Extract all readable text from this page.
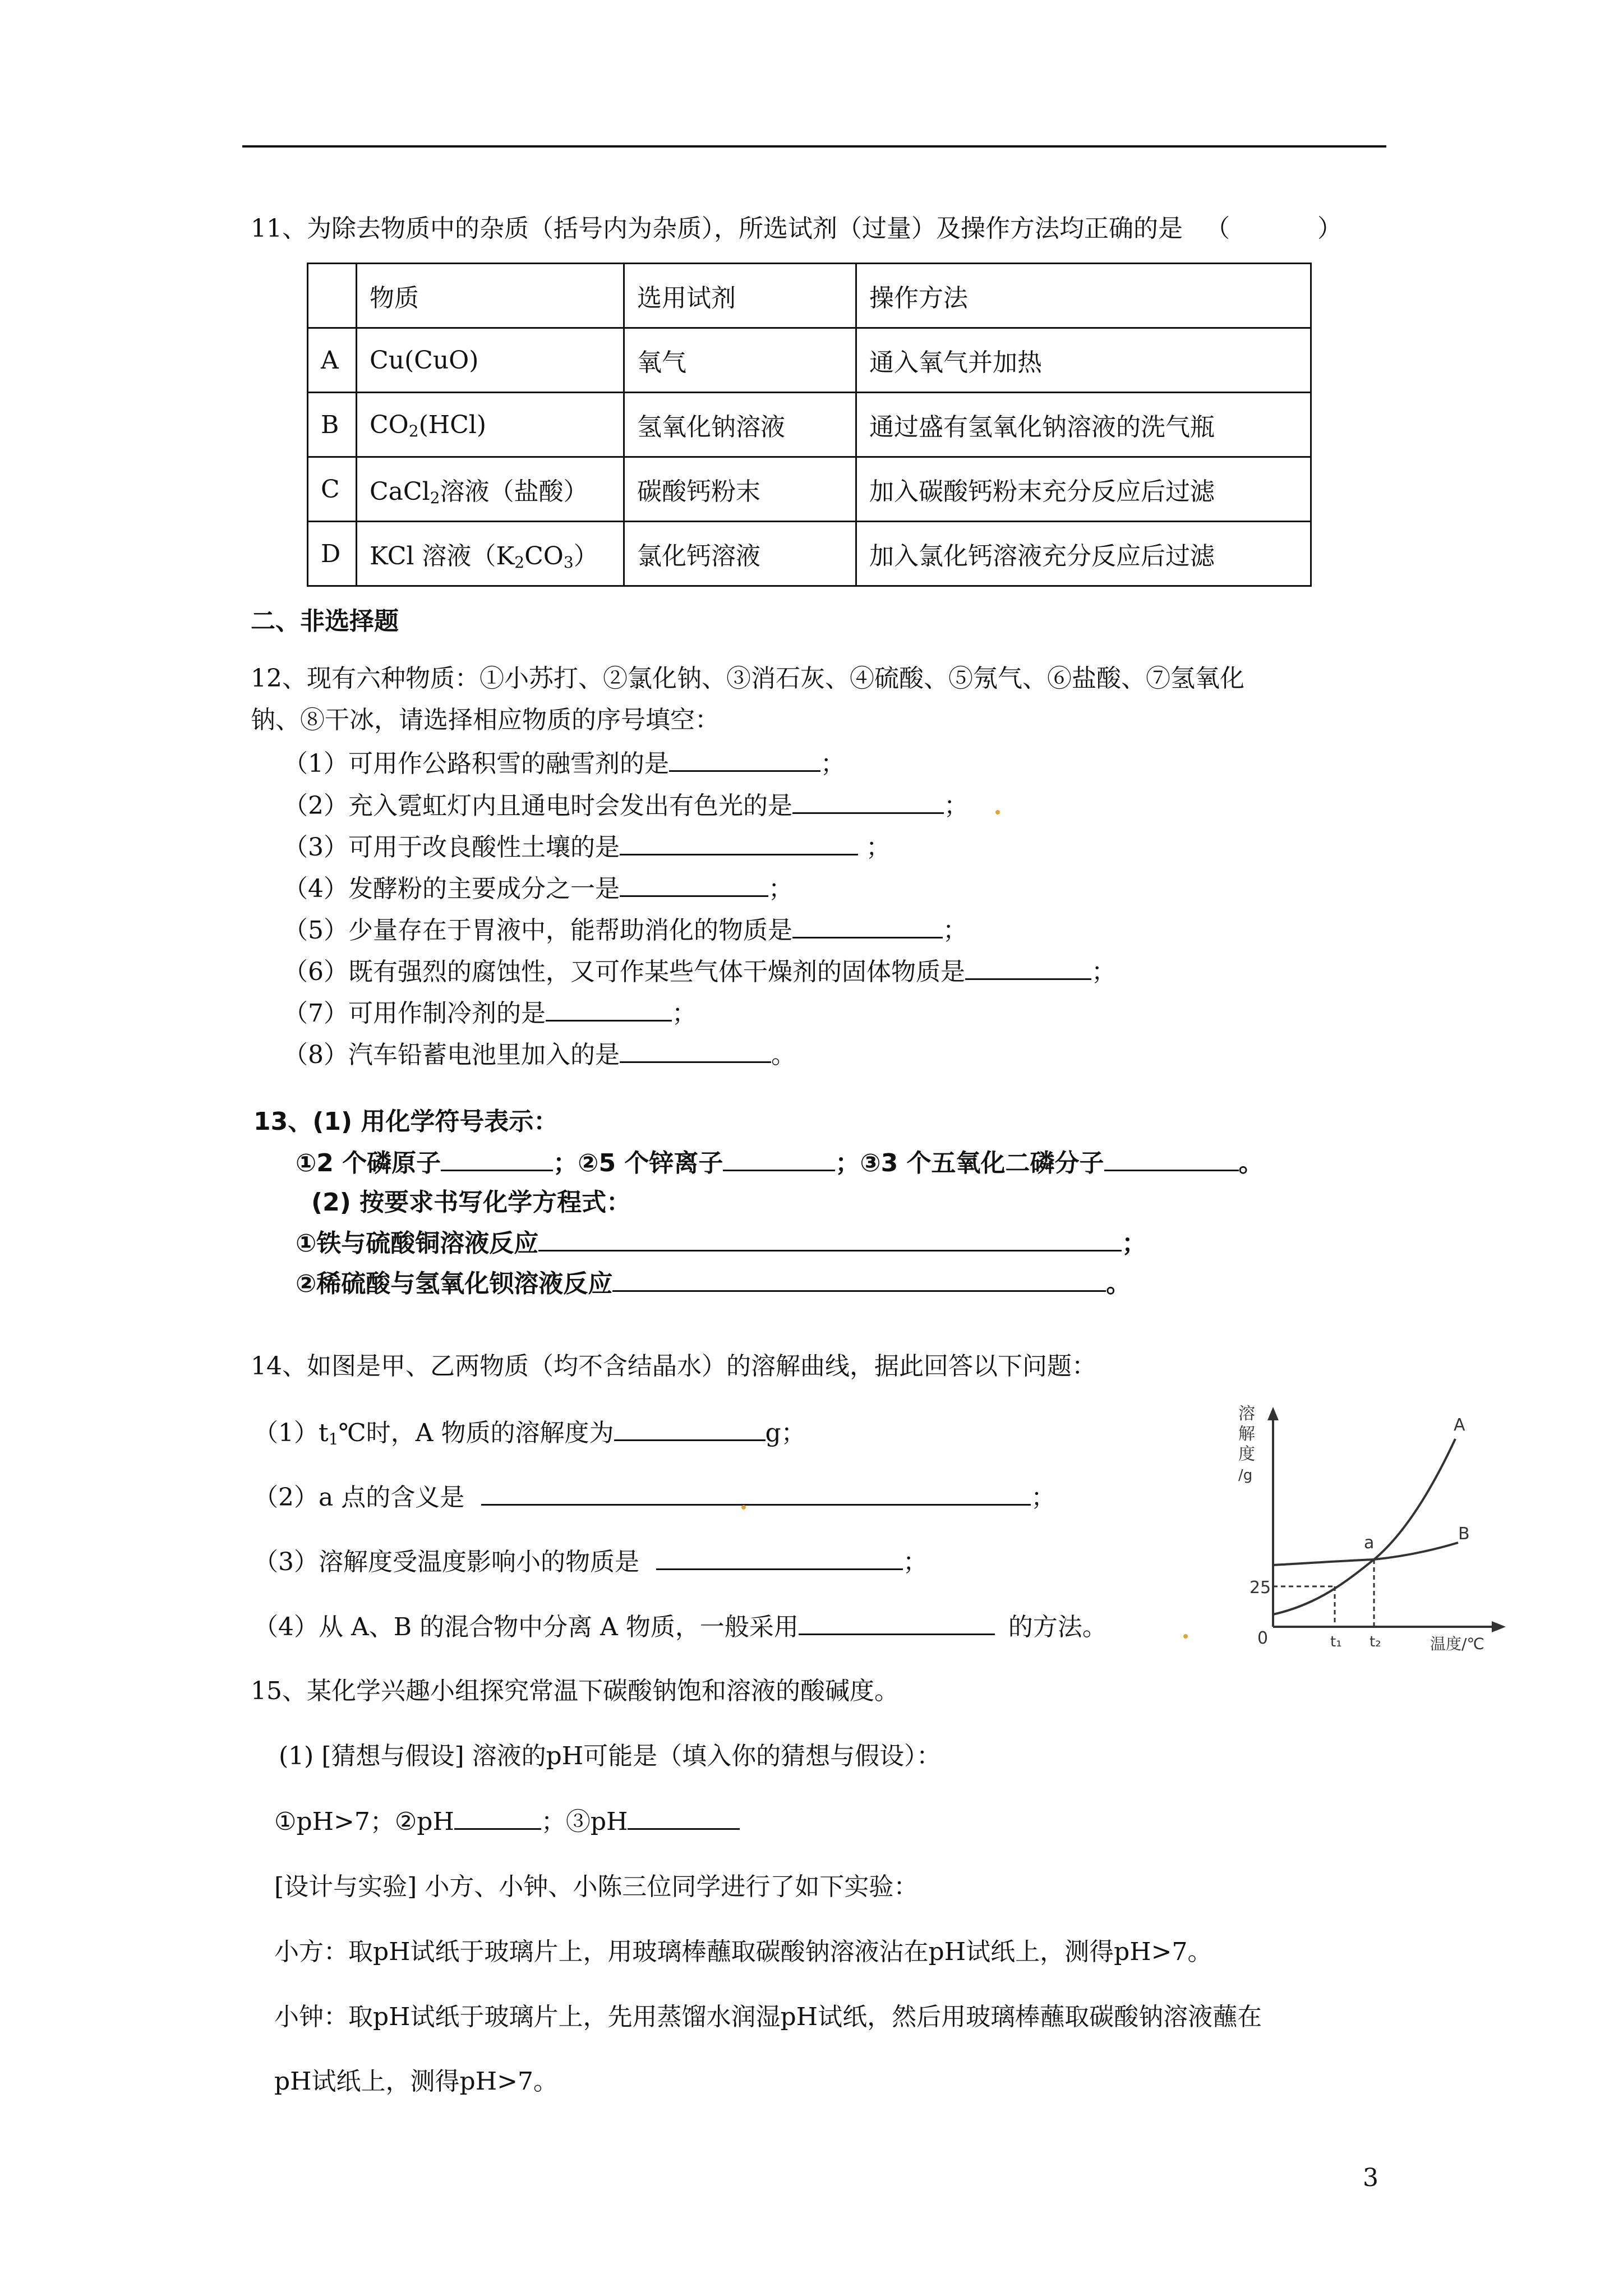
11、为除去物质中的杂质（括号内为杂质），所选试剂（过量）及操作方法均正确的是 （　　　）
	物质	选用试剂	操作方法
A	Cu(CuO)	氧气	通入氧气并加热
B	$CO_2(HCl)$	氢氧化钠溶液	通过盛有氢氧化钠溶液的洗气瓶
C	CaCl$_2$溶液（盐酸）	碳酸钙粉末	加入碳酸钙粉末充分反应后过滤
D	KCl 溶液$(K_2CO_3)$	氯化钙溶液	加入氯化钙溶液充分反应后过滤
二、非选择题
12、现有六种物质：①小苏打、②氯化钠、③消石灰、④硫酸、⑤氖气、⑥盐酸、⑦氢氧化
钠、⑧干冰，请选择相应物质的序号填空：
（1）可用作公路积雪的融雪剂的是	；
（2）充入霓虹灯内且通电时会发出有色光的是	；
（3）可用于改良酸性土壤的是	；
（4）发酵粉的主要成分之一是	；
（5）少量存在于胃液中，能帮助消化的物质是	；
（6）既有强烈的腐蚀性，又可作某些气体干燥剂的固体物质是	；
（7）可用作制冷剂的是	；
（8）汽车铅蓄电池里加入的是	。
13、(1) 用化学符号表示：
①2 个磷原子	；②5 个锌离子	；③3 个五氧化二磷分子	。
(2) 按要求书写化学方程式：
①铁与硫酸铜溶液反应	；
②稀硫酸与氢氧化钡溶液反应	。
14、如图是甲、乙两物质（均不含结晶水）的溶解曲线，据此回答以下问题：
$(1)t_1℃$时，A 物质的溶解度为	g；
（2）a 点的含义是	；
（3）溶解度受温度影响小的物质是	；
（4）从 A、B 的混合物中分离 A 物质，一般采用	的方法。
溶
解
度
/g
0
25
t₁ t₂	温度/℃
A
B
a
15、某化学兴趣小组探究常温下碳酸钠饱和溶液的酸碱度。
(1) [猜想与假设] 溶液的pH可能是（填入你的猜想与假设）：
①pH>7；②pH	；③pH
[设计与实验] 小方、小钟、小陈三位同学进行了如下实验：
小方：取pH试纸于玻璃片上，用玻璃棒蘸取碳酸钠溶液沾在pH试纸上，测得pH>7。
小钟：取pH试纸于玻璃片上，先用蒸馏水润湿pH试纸，然后用玻璃棒蘸取碳酸钠溶液蘸在
pH试纸上，测得pH>7。
3
